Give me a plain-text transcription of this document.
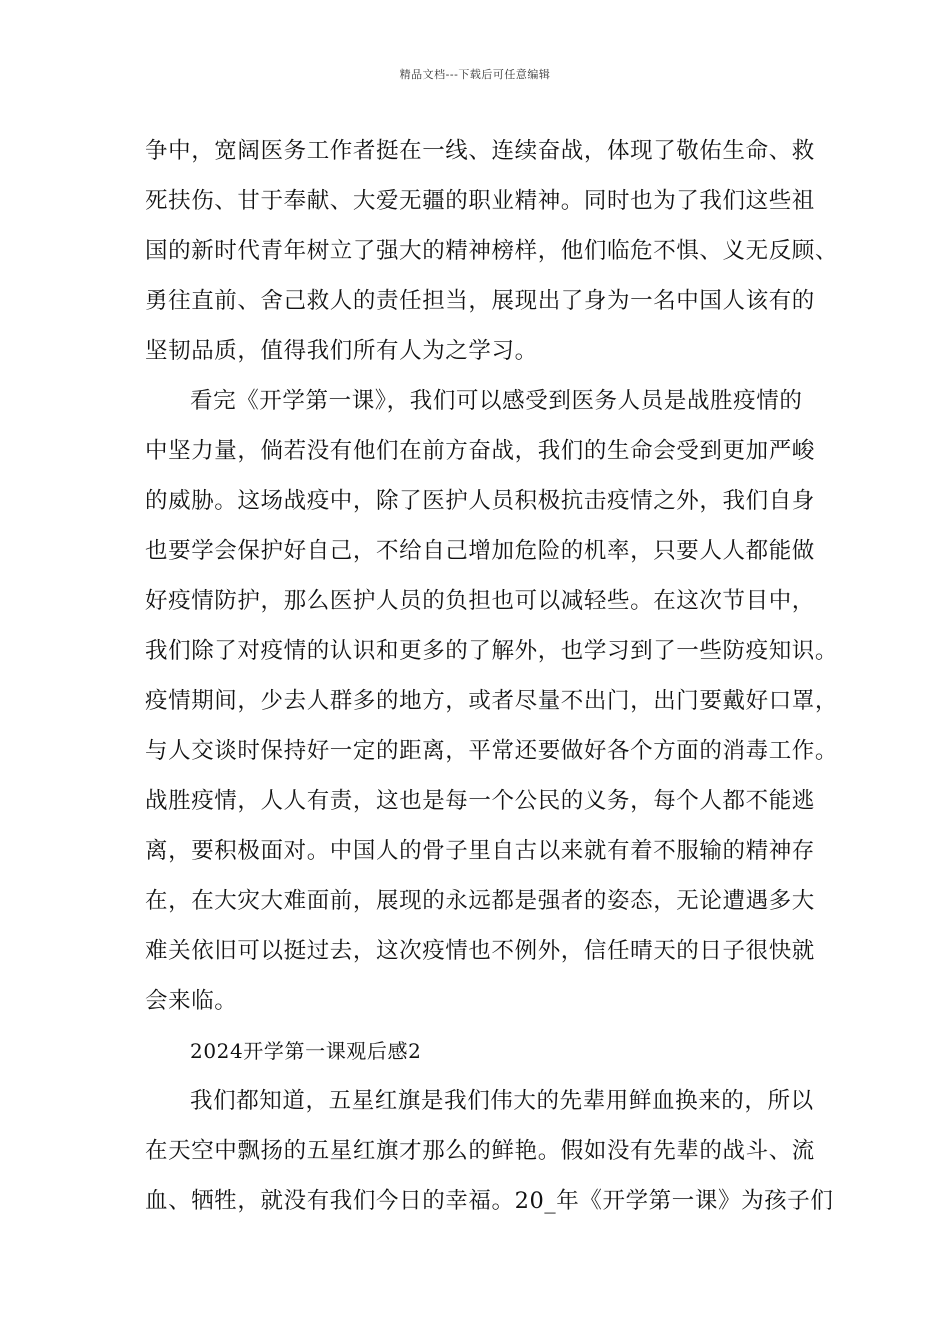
精品文档---下载后可任意编辑
争中，宽阔医务工作者挺在一线、连续奋战，体现了敬佑生命、救
死扶伤、甘于奉献、大爱无疆的职业精神。同时也为了我们这些祖
国的新时代青年树立了强大的精神榜样，他们临危不惧、义无反顾、
勇往直前、舍己救人的责任担当，展现出了身为一名中国人该有的
坚韧品质，值得我们所有人为之学习。
看完《开学第一课》，我们可以感受到医务人员是战胜疫情的
中坚力量，倘若没有他们在前方奋战，我们的生命会受到更加严峻
的威胁。这场战疫中，除了医护人员积极抗击疫情之外，我们自身
也要学会保护好自己，不给自己增加危险的机率，只要人人都能做
好疫情防护，那么医护人员的负担也可以减轻些。在这次节目中，
我们除了对疫情的认识和更多的了解外，也学习到了一些防疫知识。
疫情期间，少去人群多的地方，或者尽量不出门，出门要戴好口罩，
与人交谈时保持好一定的距离，平常还要做好各个方面的消毒工作。
战胜疫情，人人有责，这也是每一个公民的义务，每个人都不能逃
离，要积极面对。中国人的骨子里自古以来就有着不服输的精神存
在，在大灾大难面前，展现的永远都是强者的姿态，无论遭遇多大
难关依旧可以挺过去，这次疫情也不例外，信任晴天的日子很快就
会来临。
2024开学第一课观后感2
我们都知道，五星红旗是我们伟大的先辈用鲜血换来的，所以
在天空中飘扬的五星红旗才那么的鲜艳。假如没有先辈的战斗、流
血、牺牲，就没有我们今日的幸福。20_年《开学第一课》为孩子们
